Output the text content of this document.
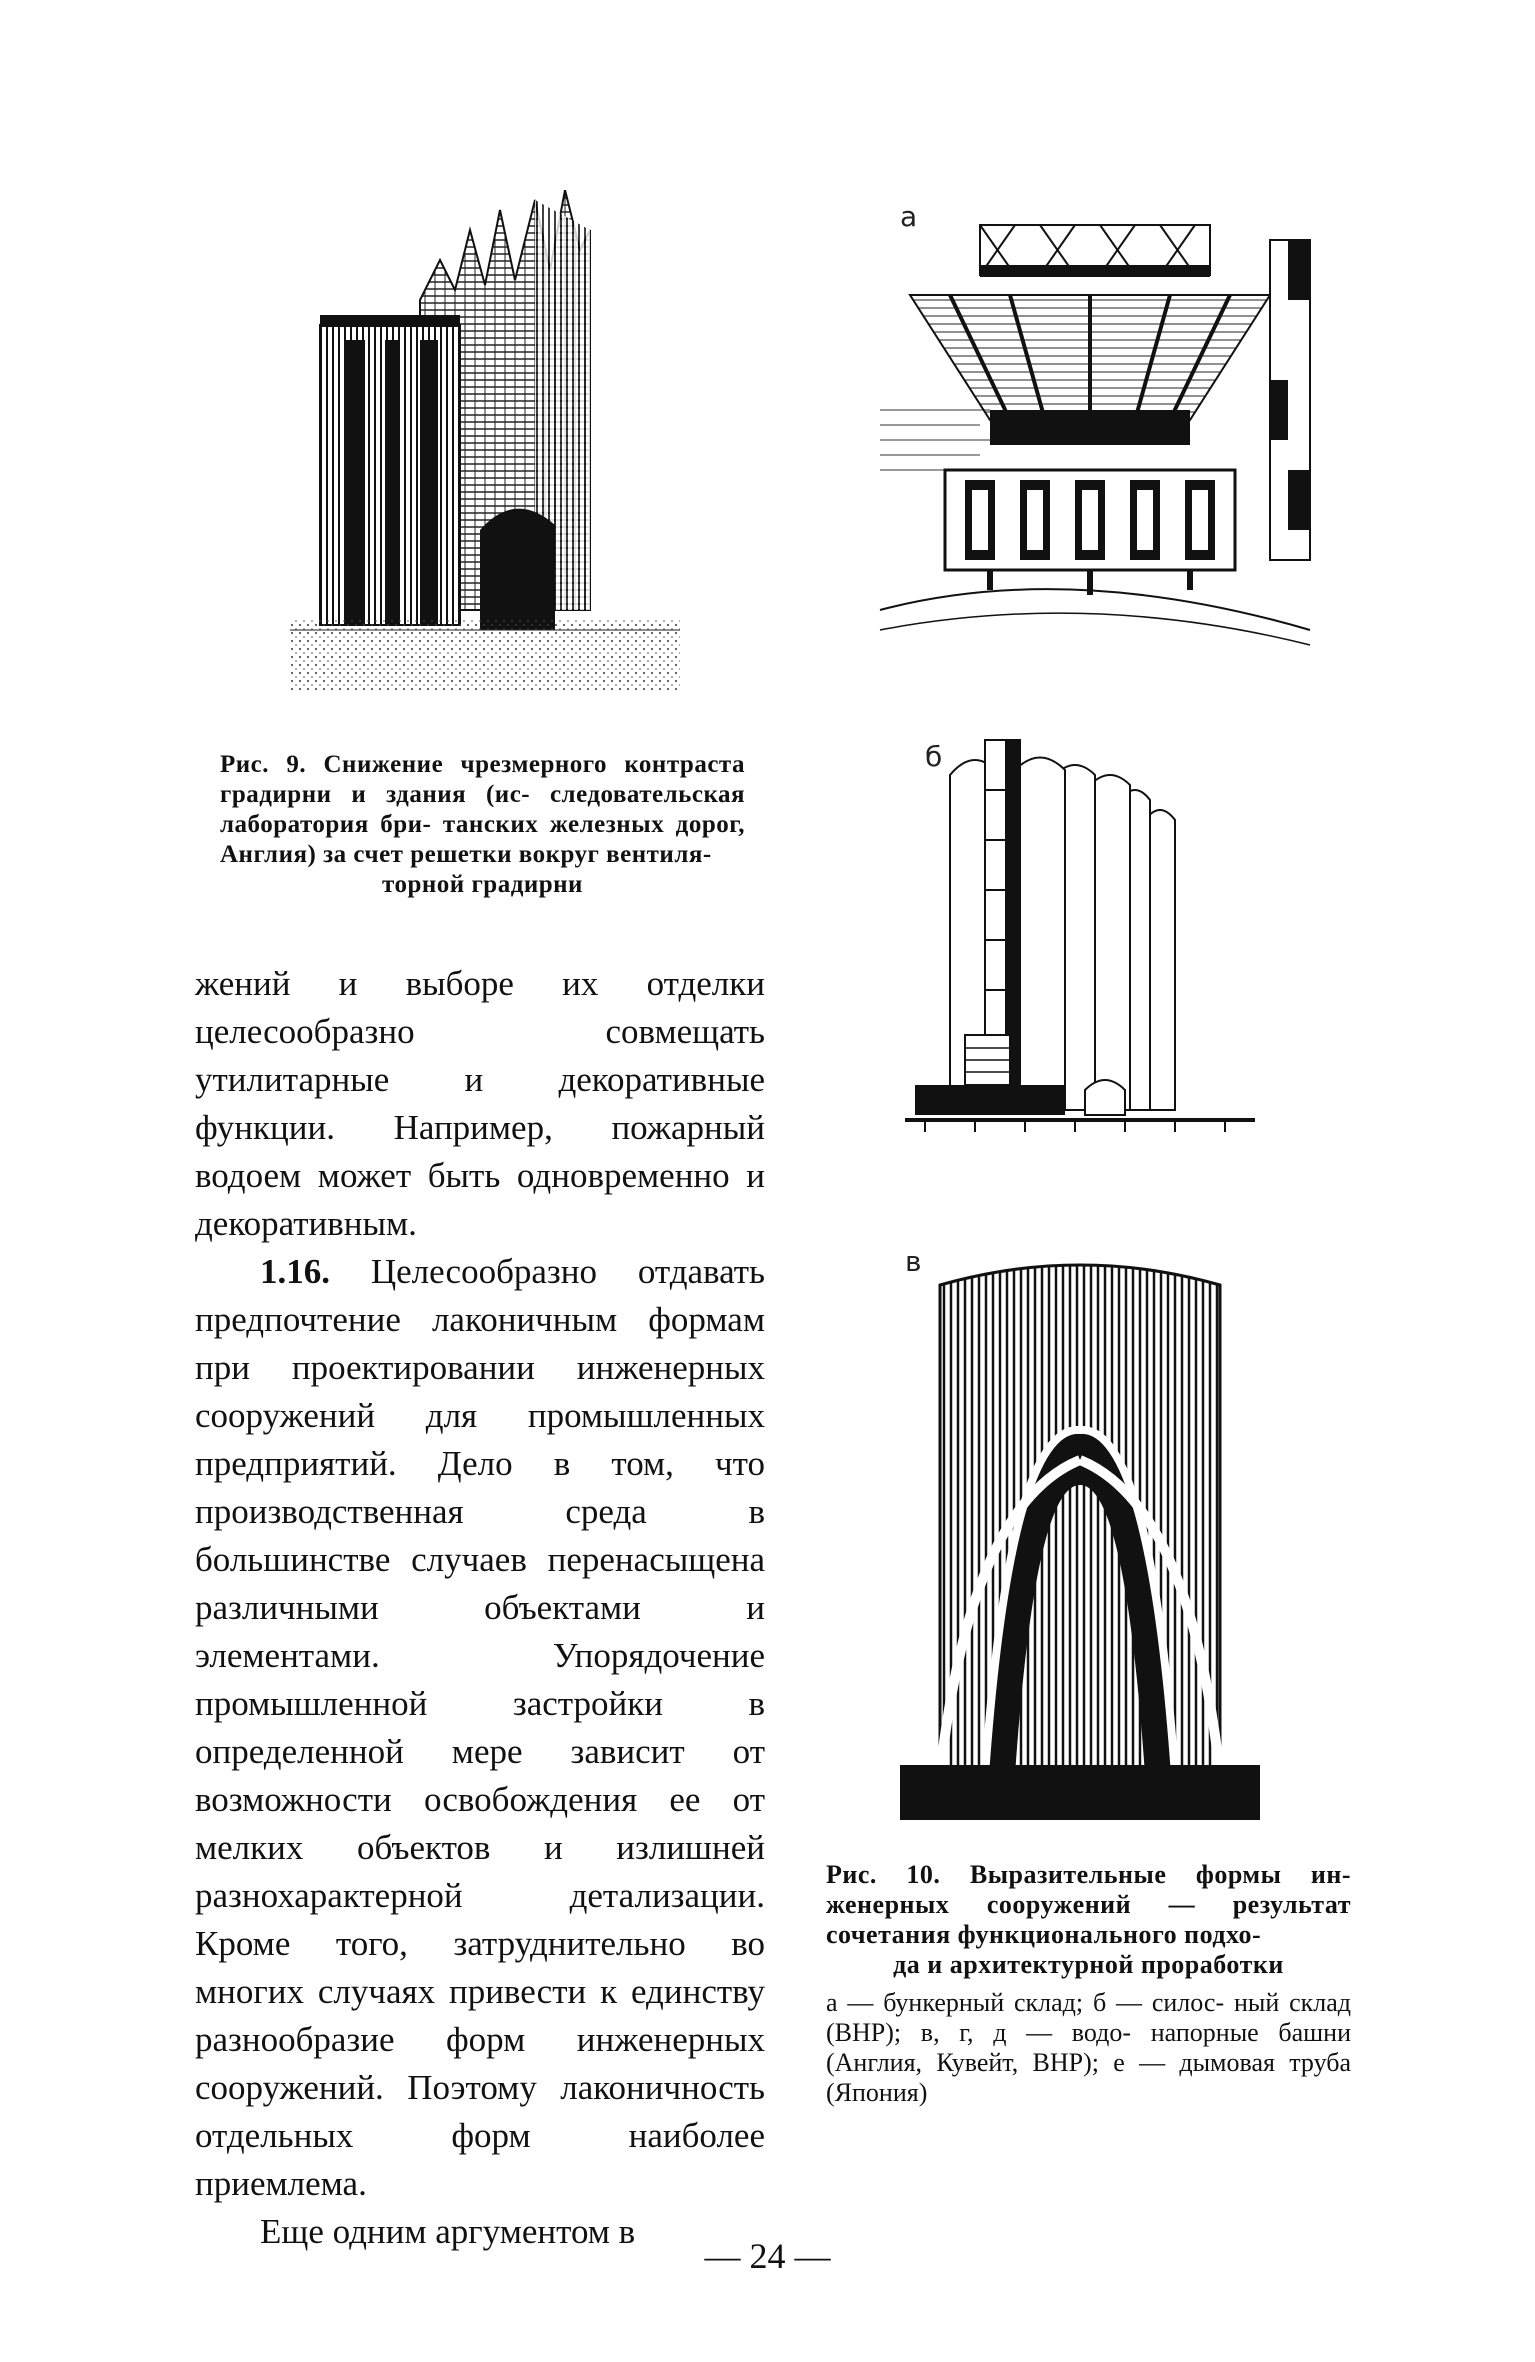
Рис. 9. Снижение чрезмерного контраста градирни и здания (ис- следовательская лаборатория бри- танских железных дорог, Англия) за счет решетки вокруг вентиля-
торной градирни
а
б
в
Рис. 10. Выразительные формы ин- женерных сооружений — результат сочетания функционального подхо-
да и архитектурной проработки
а — бункерный склад; б — силос- ный склад (ВНР); в, г, д — водо- напорные башни (Англия, Кувейт, ВНР); е — дымовая труба (Япония)

жений и выборе их отделки целесообразно совмещать утилитарные и декоративные функции. Например, пожарный водоем может быть одновременно и декоративным.

1.16. Целесообразно отдавать предпочтение лаконичным формам при проектировании инженерных сооружений для промышленных предприятий. Дело в том, что производственная среда в большинстве случаев перенасыщена различными объектами и элементами. Упорядочение промышленной застройки в определенной мере зависит от возможности освобождения ее от мелких объектов и излишней разнохарактерной детализации. Кроме того, затруднительно во многих случаях привести к единству разнообразие форм инженерных сооружений. Поэтому лаконичность отдельных форм наиболее приемлема.

Еще одним аргументом в

— 24 —
